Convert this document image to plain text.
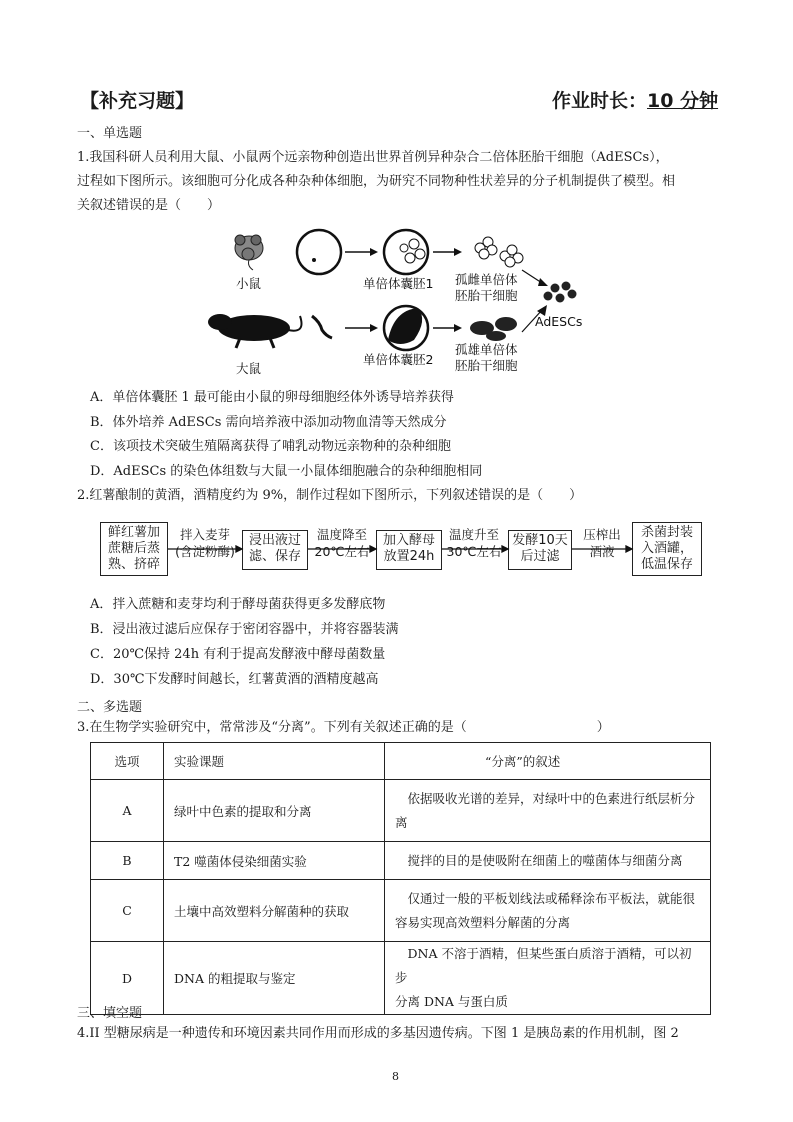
【补充习题】	作业时长：10 分钟
一、单选题
1.我国科研人员利用大鼠、小鼠两个远亲物种创造出世界首例异种杂合二倍体胚胎干细胞（AdESCs），
过程如下图所示。该细胞可分化成各种杂种体细胞，为研究不同物种性状差异的分子机制提供了模型。相
关叙述错误的是（　　）
小鼠	单倍体囊胚1 孤雌单倍体
胚胎干细胞
AdESCs
大鼠
单倍体囊胚2
孤雄单倍体
胚胎干细胞
A．单倍体囊胚 1 最可能由小鼠的卵母细胞经体外诱导培养获得
B．体外培养 AdESCs 需向培养液中添加动物血清等天然成分
C．该项技术突破生殖隔离获得了哺乳动物远亲物种的杂种细胞
D．AdESCs 的染色体组数与大鼠一小鼠体细胞融合的杂种细胞相同
2.红薯酿制的黄酒，酒精度约为 9%，制作过程如下图所示，下列叙述错误的是（　　）
鲜红薯加
蔗糖后蒸
熟、挤碎
拌入麦芽
(含淀粉酶)
浸出液过
滤、保存
温度降至
20℃左右
加入酵母
放置24h
温度升至
30℃左右
发酵10天
后过滤
压榨出
酒液
杀菌封装
入酒罐，
低温保存
A．拌入蔗糖和麦芽均利于酵母菌获得更多发酵底物
B．浸出液过滤后应保存于密闭容器中，并将容器装满
C．20℃保持 24h 有利于提高发酵液中酵母菌数量
D．30℃下发酵时间越长，红薯黄酒的酒精度越高
二、多选题
3.在生物学实验研究中，常常涉及“分离”。下列有关叙述正确的是（　　　　　　　　　　）
选项	实验课题	“分离”的叙述
A	绿叶中色素的提取和分离	　依据吸收光谱的差异，对绿叶中的色素进行纸层析分
离

B	T2 噬菌体侵染细菌实验	　搅拌的目的是使吸附在细菌上的噬菌体与细菌分离

C	土壤中高效塑料分解菌种的获取	　仅通过一般的平板划线法或稀释涂布平板法，就能很
容易实现高效塑料分解菌的分离

D	DNA 的粗提取与鉴定	　DNA 不溶于酒精，但某些蛋白质溶于酒精，可以初步
分离 DNA 与蛋白质
三、填空题
4.II 型糖尿病是一种遗传和环境因素共同作用而形成的多基因遗传病。下图 1 是胰岛素的作用机制，图 2
8
